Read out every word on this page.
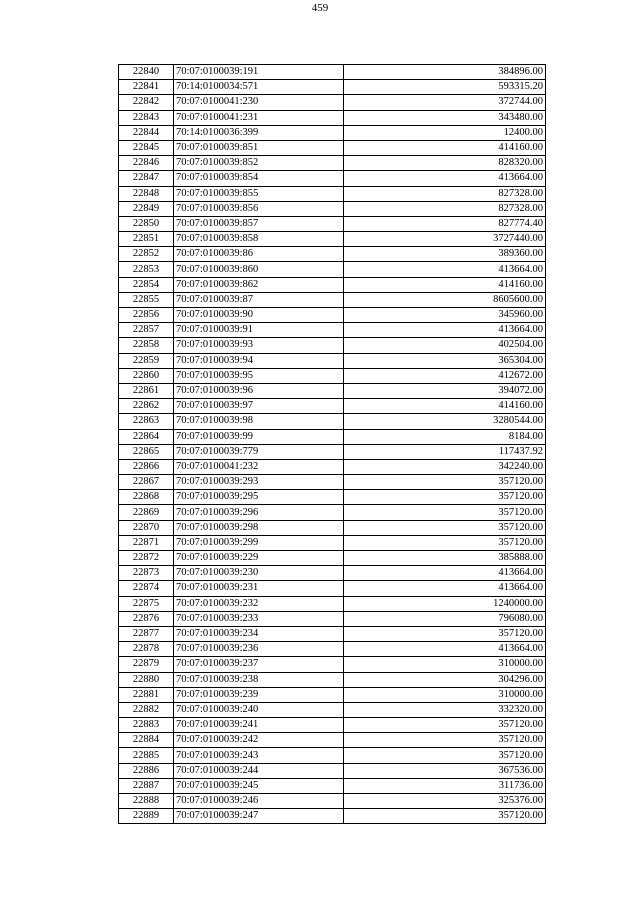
459
22840	70:07:0100039:191	384896.00
22841	70:14:0100034:571	593315.20
22842	70:07:0100041:230	372744.00
22843	70:07:0100041:231	343480.00
22844	70:14:0100036:399	12400.00
22845	70:07:0100039:851	414160.00
22846	70:07:0100039:852	828320.00
22847	70:07:0100039:854	413664.00
22848	70:07:0100039:855	827328.00
22849	70:07:0100039:856	827328.00
22850	70:07:0100039:857	827774.40
22851	70:07:0100039:858	3727440.00
22852	70:07:0100039:86	389360.00
22853	70:07:0100039:860	413664.00
22854	70:07:0100039:862	414160.00
22855	70:07:0100039:87	8605600.00
22856	70:07:0100039:90	345960.00
22857	70:07:0100039:91	413664.00
22858	70:07:0100039:93	402504.00
22859	70:07:0100039:94	365304.00
22860	70:07:0100039:95	412672.00
22861	70:07:0100039:96	394072.00
22862	70:07:0100039:97	414160.00
22863	70:07:0100039:98	3280544.00
22864	70:07:0100039:99	8184.00
22865	70:07:0100039:779	117437.92
22866	70:07:0100041:232	342240.00
22867	70:07:0100039:293	357120.00
22868	70:07:0100039:295	357120.00
22869	70:07:0100039:296	357120.00
22870	70:07:0100039:298	357120.00
22871	70:07:0100039:299	357120.00
22872	70:07:0100039:229	385888.00
22873	70:07:0100039:230	413664.00
22874	70:07:0100039:231	413664.00
22875	70:07:0100039:232	1240000.00
22876	70:07:0100039:233	796080.00
22877	70:07:0100039:234	357120.00
22878	70:07:0100039:236	413664.00
22879	70:07:0100039:237	310000.00
22880	70:07:0100039:238	304296.00
22881	70:07:0100039:239	310000.00
22882	70:07:0100039:240	332320.00
22883	70:07:0100039:241	357120.00
22884	70:07:0100039:242	357120.00
22885	70:07:0100039:243	357120.00
22886	70:07:0100039:244	367536.00
22887	70:07:0100039:245	311736.00
22888	70:07:0100039:246	325376.00
22889	70:07:0100039:247	357120.00
